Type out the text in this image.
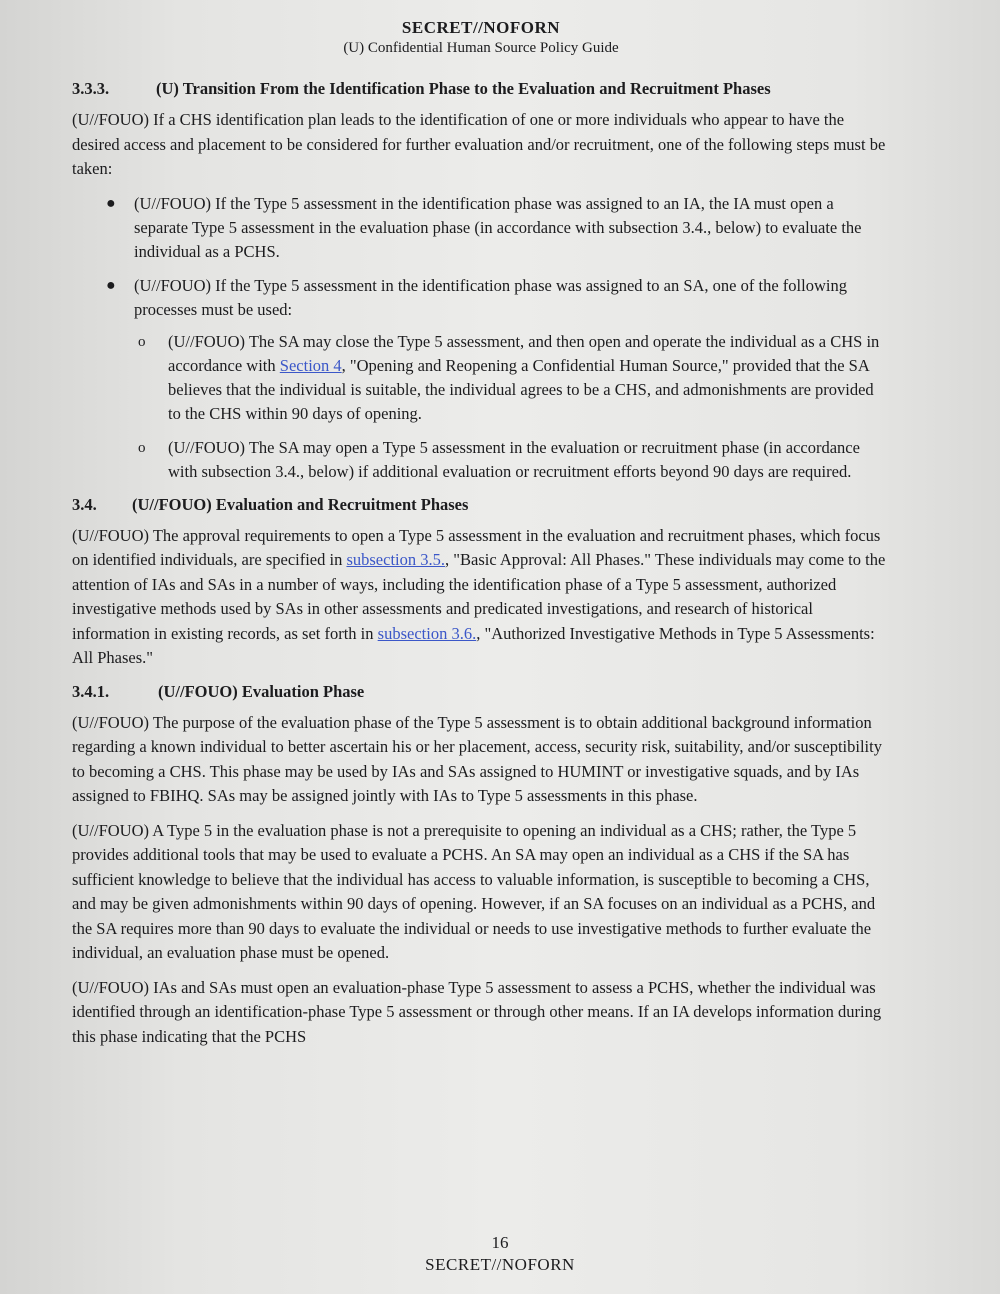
SECRET//NOFORN
(U) Confidential Human Source Policy Guide
3.3.3.	(U) Transition From the Identification Phase to the Evaluation and Recruitment Phases

(U//FOUO) If a CHS identification plan leads to the identification of one or more individuals who appear to have the desired access and placement to be considered for further evaluation and/or recruitment, one of the following steps must be taken:

● (U//FOUO) If the Type 5 assessment in the identification phase was assigned to an IA, the IA must open a separate Type 5 assessment in the evaluation phase (in accordance with subsection 3.4., below) to evaluate the individual as a PCHS.
● (U//FOUO) If the Type 5 assessment in the identification phase was assigned to an SA, one of the following processes must be used:
o (U//FOUO) The SA may close the Type 5 assessment, and then open and operate the individual as a CHS in accordance with Section 4, "Opening and Reopening a Confidential Human Source," provided that the SA believes that the individual is suitable, the individual agrees to be a CHS, and admonishments are provided to the CHS within 90 days of opening.
o (U//FOUO) The SA may open a Type 5 assessment in the evaluation or recruitment phase (in accordance with subsection 3.4., below) if additional evaluation or recruitment efforts beyond 90 days are required.
3.4.	(U//FOUO) Evaluation and Recruitment Phases

(U//FOUO) The approval requirements to open a Type 5 assessment in the evaluation and recruitment phases, which focus on identified individuals, are specified in subsection 3.5., "Basic Approval: All Phases." These individuals may come to the attention of IAs and SAs in a number of ways, including the identification phase of a Type 5 assessment, authorized investigative methods used by SAs in other assessments and predicated investigations, and research of historical information in existing records, as set forth in subsection 3.6., "Authorized Investigative Methods in Type 5 Assessments: All Phases."

3.4.1.	(U//FOUO) Evaluation Phase

(U//FOUO) The purpose of the evaluation phase of the Type 5 assessment is to obtain additional background information regarding a known individual to better ascertain his or her placement, access, security risk, suitability, and/or susceptibility to becoming a CHS. This phase may be used by IAs and SAs assigned to HUMINT or investigative squads, and by IAs assigned to FBIHQ. SAs may be assigned jointly with IAs to Type 5 assessments in this phase.

(U//FOUO) A Type 5 in the evaluation phase is not a prerequisite to opening an individual as a CHS; rather, the Type 5 provides additional tools that may be used to evaluate a PCHS. An SA may open an individual as a CHS if the SA has sufficient knowledge to believe that the individual has access to valuable information, is susceptible to becoming a CHS, and may be given admonishments within 90 days of opening. However, if an SA focuses on an individual as a PCHS, and the SA requires more than 90 days to evaluate the individual or needs to use investigative methods to further evaluate the individual, an evaluation phase must be opened.

(U//FOUO) IAs and SAs must open an evaluation-phase Type 5 assessment to assess a PCHS, whether the individual was identified through an identification-phase Type 5 assessment or through other means. If an IA develops information during this phase indicating that the PCHS

16
SECRET//NOFORN
